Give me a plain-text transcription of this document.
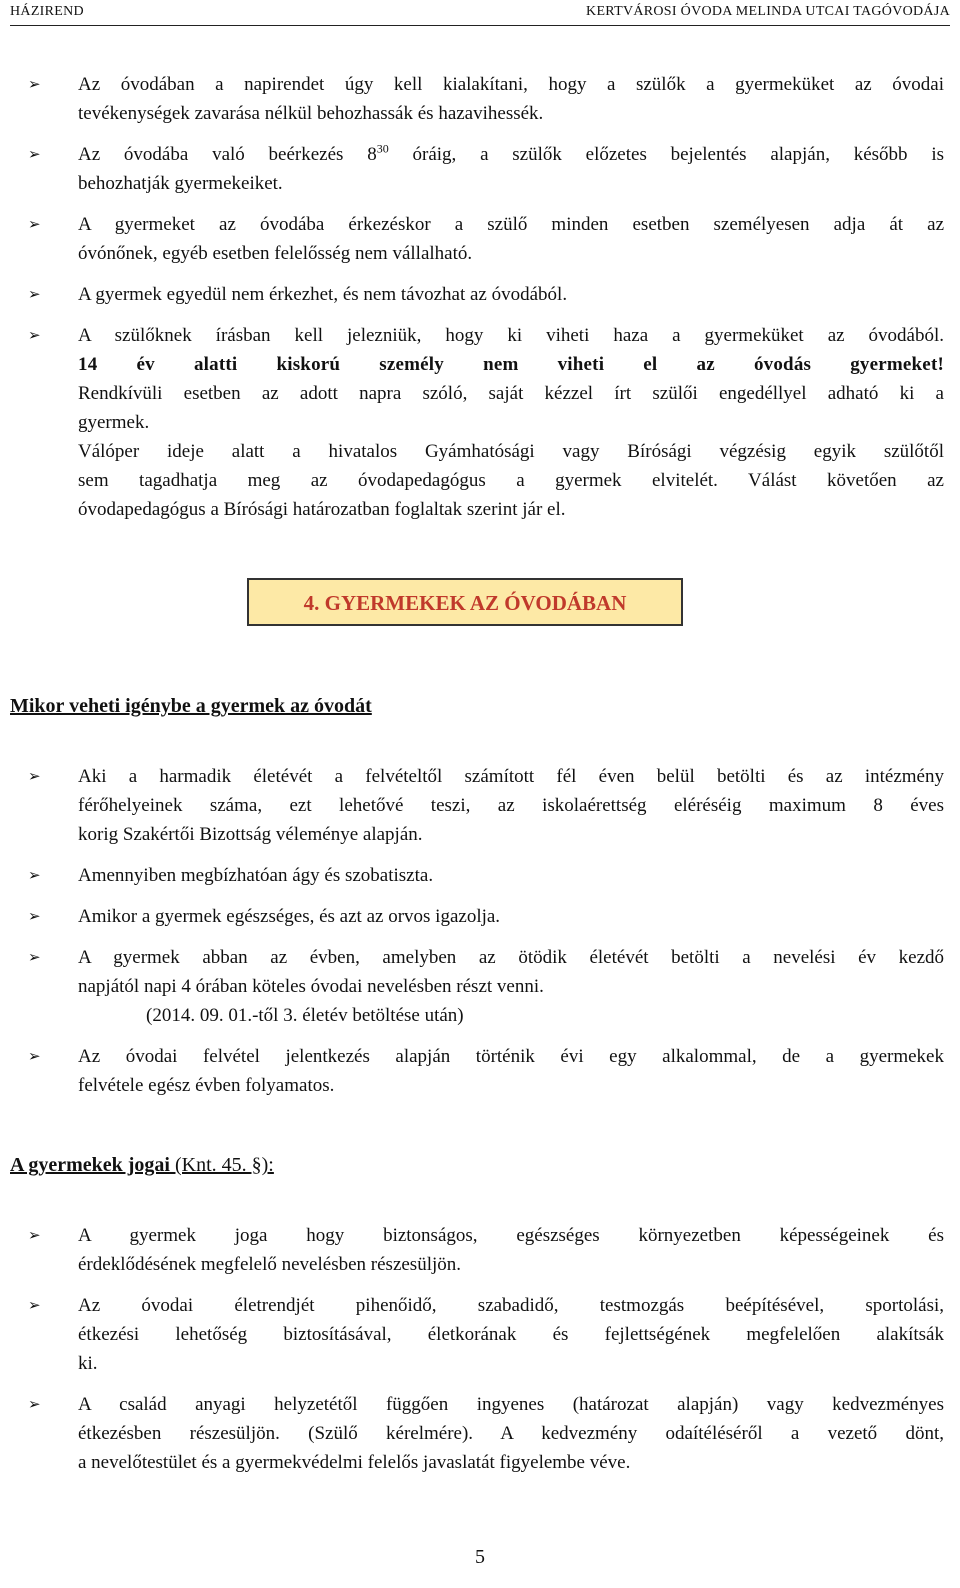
HÁZIREND	KERTVÁROSI ÓVODA MELINDA UTCAI TAGÓVODÁJA
➢ Az óvodában a napirendet úgy kell kialakítani, hogy a szülők a gyermeküket az óvodai
tevékenységek zavarása nélkül behozhassák és hazavihessék.
➢ Az óvodába való beérkezés $8^{30}$ óráig, a szülők előzetes bejelentés alapján, később is
behozhatják gyermekeiket.
➢ A gyermeket az óvodába érkezéskor a szülő minden esetben személyesen adja át az
óvónőnek, egyéb esetben felelősség nem vállalható.
➢ A gyermek egyedül nem érkezhet, és nem távozhat az óvodából.
➢ A szülőknek írásban kell jelezniük, hogy ki viheti haza a gyermeküket az óvodából.
14 év alatti kiskorú személy nem viheti el az óvodás gyermeket!
Rendkívüli esetben az adott napra szóló, saját kézzel írt szülői engedéllyel adható ki a
gyermek.
Válóper ideje alatt a hivatalos Gyámhatósági vagy Bírósági végzésig egyik szülőtől
sem tagadhatja meg az óvodapedagógus a gyermek elvitelét. Válást követően az
óvodapedagógus a Bírósági határozatban foglaltak szerint jár el.
4. GYERMEKEK AZ ÓVODÁBAN
Mikor veheti igénybe a gyermek az óvodát
➢ Aki a harmadik életévét a felvételtől számított fél éven belül betölti és az intézmény
férőhelyeinek száma, ezt lehetővé teszi, az iskolaérettség eléréséig maximum 8 éves
korig Szakértői Bizottság véleménye alapján.
➢ Amennyiben megbízhatóan ágy és szobatiszta.
➢ Amikor a gyermek egészséges, és azt az orvos igazolja.
➢ A gyermek abban az évben, amelyben az ötödik életévét betölti a nevelési év kezdő
napjától napi 4 órában köteles óvodai nevelésben részt venni.
(2014. 09. 01.-től 3. életév betöltése után)
➢ Az óvodai felvétel jelentkezés alapján történik évi egy alkalommal, de a gyermekek
felvétele egész évben folyamatos.
A gyermekek jogai (Knt. 45. §):
➢ A gyermek joga hogy biztonságos, egészséges környezetben képességeinek és
érdeklődésének megfelelő nevelésben részesüljön.
➢ Az óvodai életrendjét pihenőidő, szabadidő, testmozgás beépítésével, sportolási,
étkezési lehetőség biztosításával, életkorának és fejlettségének megfelelően alakítsák
ki.
➢ A család anyagi helyzetétől függően ingyenes (határozat alapján) vagy kedvezményes
étkezésben részesüljön. (Szülő kérelmére). A kedvezmény odaítéléséről a vezető dönt,
a nevelőtestület és a gyermekvédelmi felelős javaslatát figyelembe véve.
5
